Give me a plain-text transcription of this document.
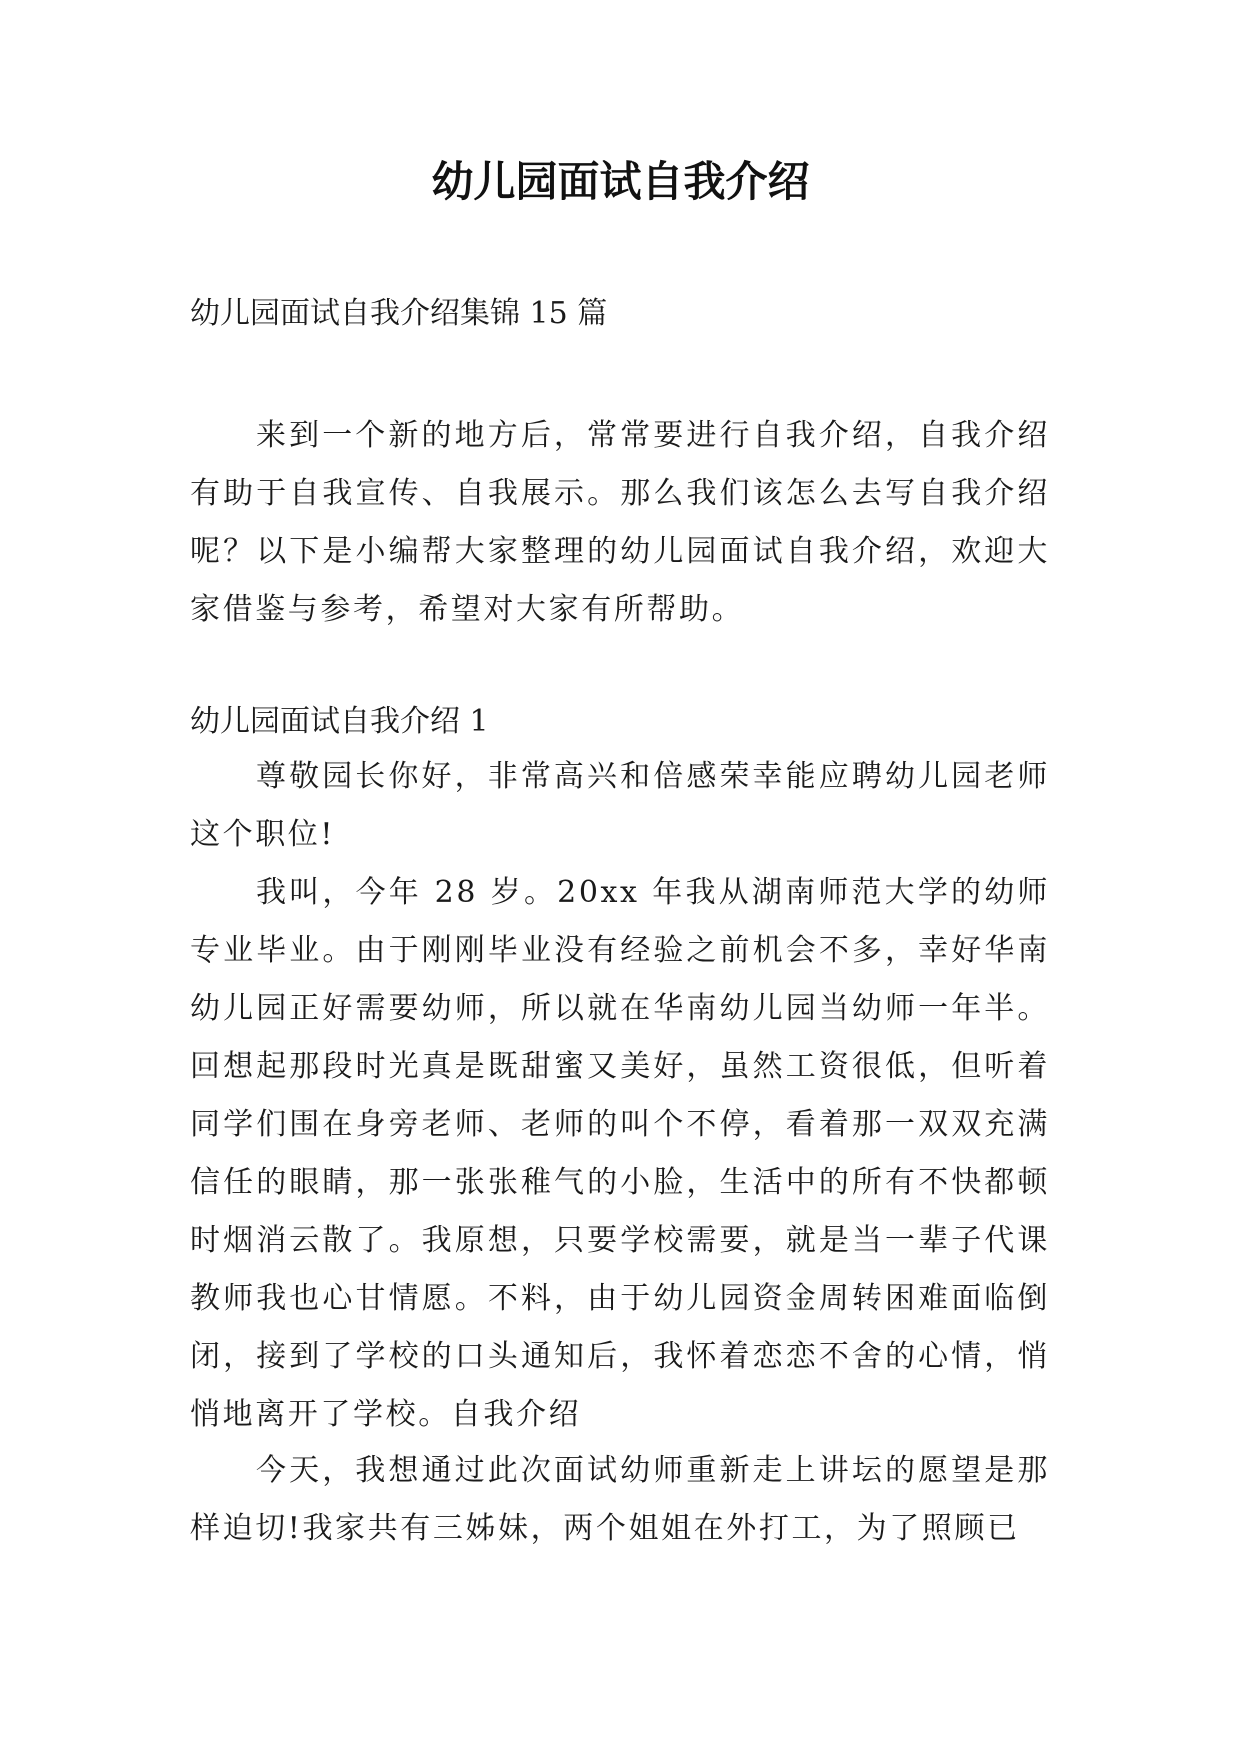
幼儿园面试自我介绍

幼儿园面试自我介绍集锦 15 篇

来到一个新的地方后，常常要进行自我介绍，自我介绍有助于自我宣传、自我展示。那么我们该怎么去写自我介绍呢？以下是小编帮大家整理的幼儿园面试自我介绍，欢迎大家借鉴与参考，希望对大家有所帮助。

幼儿园面试自我介绍 1

尊敬园长你好，非常高兴和倍感荣幸能应聘幼儿园老师这个职位!

我叫，今年 28 岁。20xx 年我从湖南师范大学的幼师专业毕业。由于刚刚毕业没有经验之前机会不多，幸好华南幼儿园正好需要幼师，所以就在华南幼儿园当幼师一年半。回想起那段时光真是既甜蜜又美好，虽然工资很低，但听着同学们围在身旁老师、老师的叫个不停，看着那一双双充满信任的眼睛，那一张张稚气的小脸，生活中的所有不快都顿时烟消云散了。我原想，只要学校需要，就是当一辈子代课教师我也心甘情愿。不料，由于幼儿园资金周转困难面临倒闭，接到了学校的口头通知后，我怀着恋恋不舍的心情，悄悄地离开了学校。自我介绍

今天，我想通过此次面试幼师重新走上讲坛的愿望是那样迫切!我家共有三姊妹，两个姐姐在外打工，为了照顾已
